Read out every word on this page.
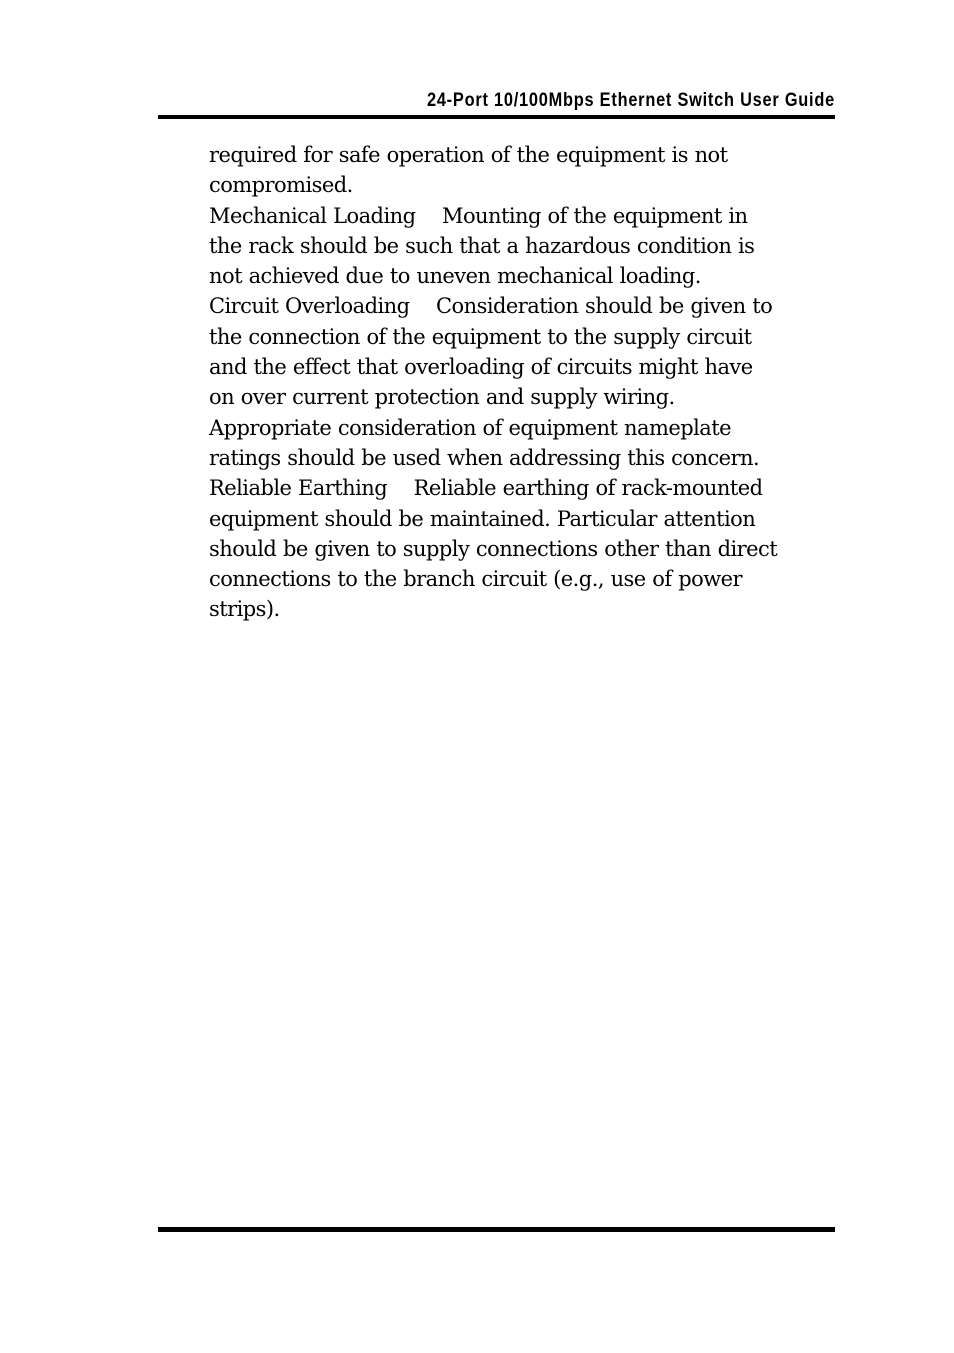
24-Port 10/100Mbps Ethernet Switch User Guide
required for safe operation of the equipment is not
compromised.
Mechanical Loading    Mounting of the equipment in
the rack should be such that a hazardous condition is
not achieved due to uneven mechanical loading.
Circuit Overloading    Consideration should be given to
the connection of the equipment to the supply circuit
and the effect that overloading of circuits might have
on over current protection and supply wiring.
Appropriate consideration of equipment nameplate
ratings should be used when addressing this concern.
Reliable Earthing    Reliable earthing of rack-mounted
equipment should be maintained. Particular attention
should be given to supply connections other than direct
connections to the branch circuit (e.g., use of power
strips).
